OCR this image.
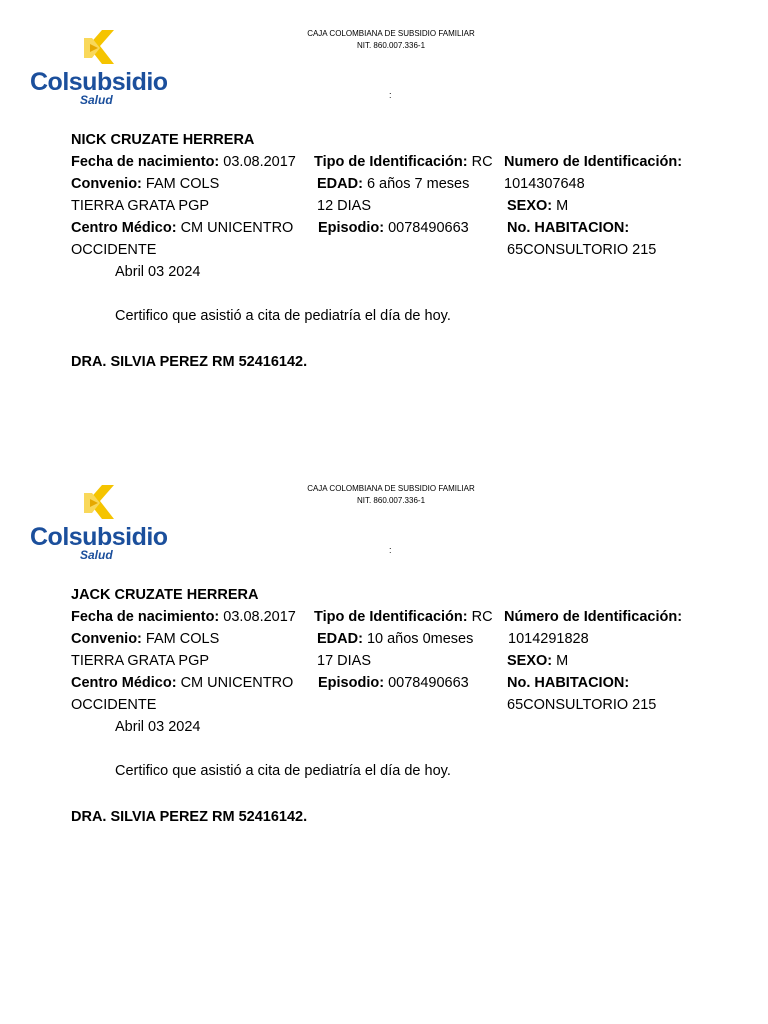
Colsubsidio
Salud
CAJA COLOMBIANA DE SUBSIDIO FAMILIAR
NIT. 860.007.336-1
:
NICK CRUZATE HERRERA
Fecha de nacimiento: 03.08.2017 Tipo de Identificación: RC Numero de Identificación:
Convenio: FAM COLS	EDAD: 6 años 7 meses 1014307648
TIERRA GRATA PGP	12 DIAS	SEXO: M
Centro Médico: CM UNICENTRO Episodio: 0078490663	No. HABITACION:
OCCIDENTE	65CONSULTORIO 215
Abril 03 2024
Certifico que asistió a cita de pediatría el día de hoy.
DRA. SILVIA PEREZ RM 52416142.
Colsubsidio
Salud
CAJA COLOMBIANA DE SUBSIDIO FAMILIAR
NIT. 860.007.336-1
:
JACK CRUZATE HERRERA
Fecha de nacimiento: 03.08.2017 Tipo de Identificación: RC Número de Identificación:
Convenio: FAM COLS	EDAD: 10 años 0meses 1014291828
TIERRA GRATA PGP	17 DIAS	SEXO: M
Centro Médico: CM UNICENTRO Episodio: 0078490663	No. HABITACION:
OCCIDENTE	65CONSULTORIO 215
Abril 03 2024
Certifico que asistió a cita de pediatría el día de hoy.
DRA. SILVIA PEREZ RM 52416142.
